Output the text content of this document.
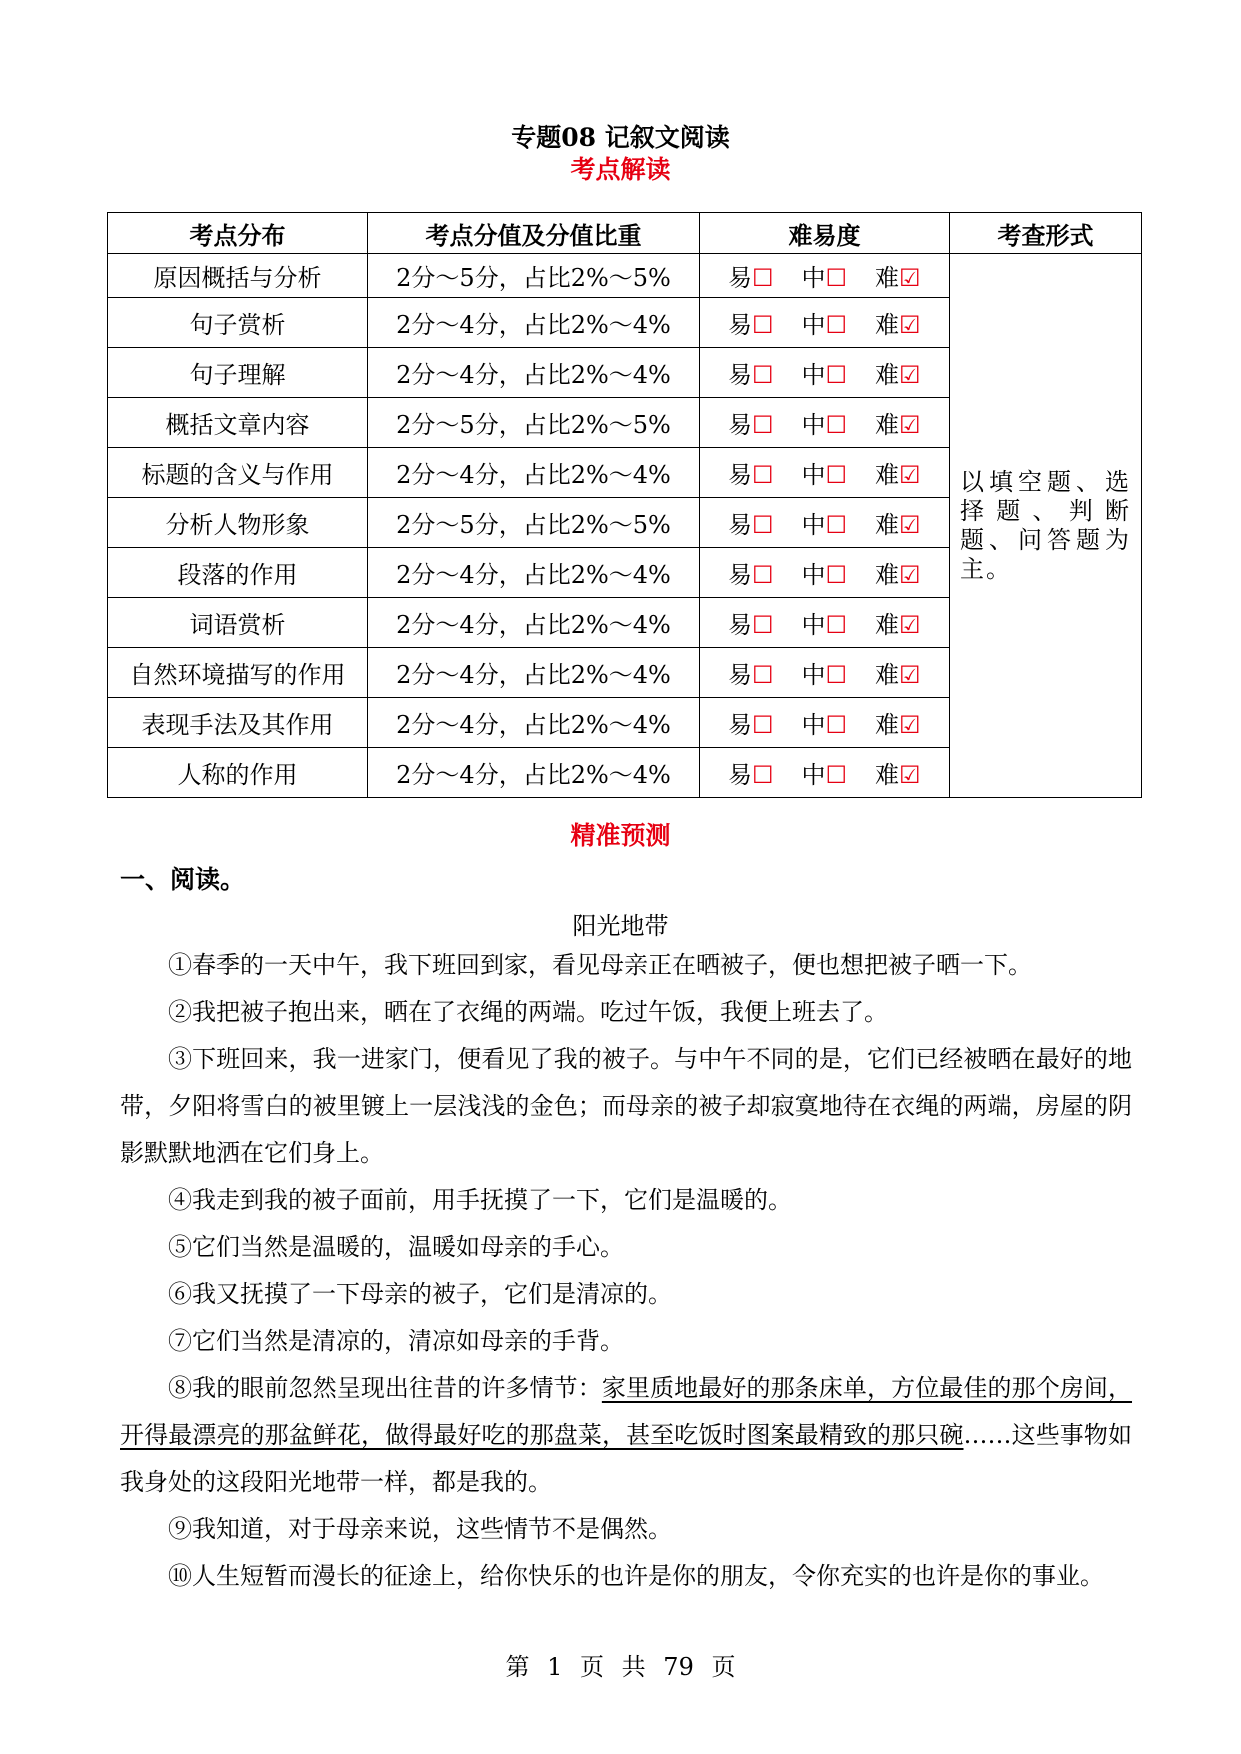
专题08 记叙文阅读
考点解读
考点分布	考点分值及分值比重	难易度	考查形式
原因概括与分析	2分～5分，占比2%～5%	易☐ 中☐ 难☑	以填空题、选择题、判断题、问答题为主。
句子赏析	2分～4分，占比2%～4%	易☐ 中☐ 难☑	
句子理解	2分～4分，占比2%～4%	易☐ 中☐ 难☑	
概括文章内容	2分～5分，占比2%～5%	易☐ 中☐ 难☑	
标题的含义与作用	2分～4分，占比2%～4%	易☐ 中☐ 难☑	
分析人物形象	2分～5分，占比2%～5%	易☐ 中☐ 难☑	
段落的作用	2分～4分，占比2%～4%	易☐ 中☐ 难☑	
词语赏析	2分～4分，占比2%～4%	易☐ 中☐ 难☑	
自然环境描写的作用	2分～4分，占比2%～4%	易☐ 中☐ 难☑	
表现手法及其作用	2分～4分，占比2%～4%	易☐ 中☐ 难☑	
人称的作用	2分～4分，占比2%～4%	易☐ 中☐ 难☑	
精准预测
一、阅读。
阳光地带

①春季的一天中午，我下班回到家，看见母亲正在晒被子，便也想把被子晒一下。

②我把被子抱出来，晒在了衣绳的两端。吃过午饭，我便上班去了。

③下班回来，我一进家门，便看见了我的被子。与中午不同的是，它们已经被晒在最好的地带，夕阳将雪白的被里镀上一层浅浅的金色；而母亲的被子却寂寞地待在衣绳的两端，房屋的阴影默默地洒在它们身上。

④我走到我的被子面前，用手抚摸了一下，它们是温暖的。

⑤它们当然是温暖的，温暖如母亲的手心。

⑥我又抚摸了一下母亲的被子，它们是清凉的。

⑦它们当然是清凉的，清凉如母亲的手背。

⑧我的眼前忽然呈现出往昔的许多情节：家里质地最好的那条床单，方位最佳的那个房间，开得最漂亮的那盆鲜花，做得最好吃的那盘菜，甚至吃饭时图案最精致的那只碗……这些事物如我身处的这段阳光地带一样，都是我的。

⑨我知道，对于母亲来说，这些情节不是偶然。

⑩人生短暂而漫长的征途上，给你快乐的也许是你的朋友，令你充实的也许是你的事业。

第 1 页 共 79 页
